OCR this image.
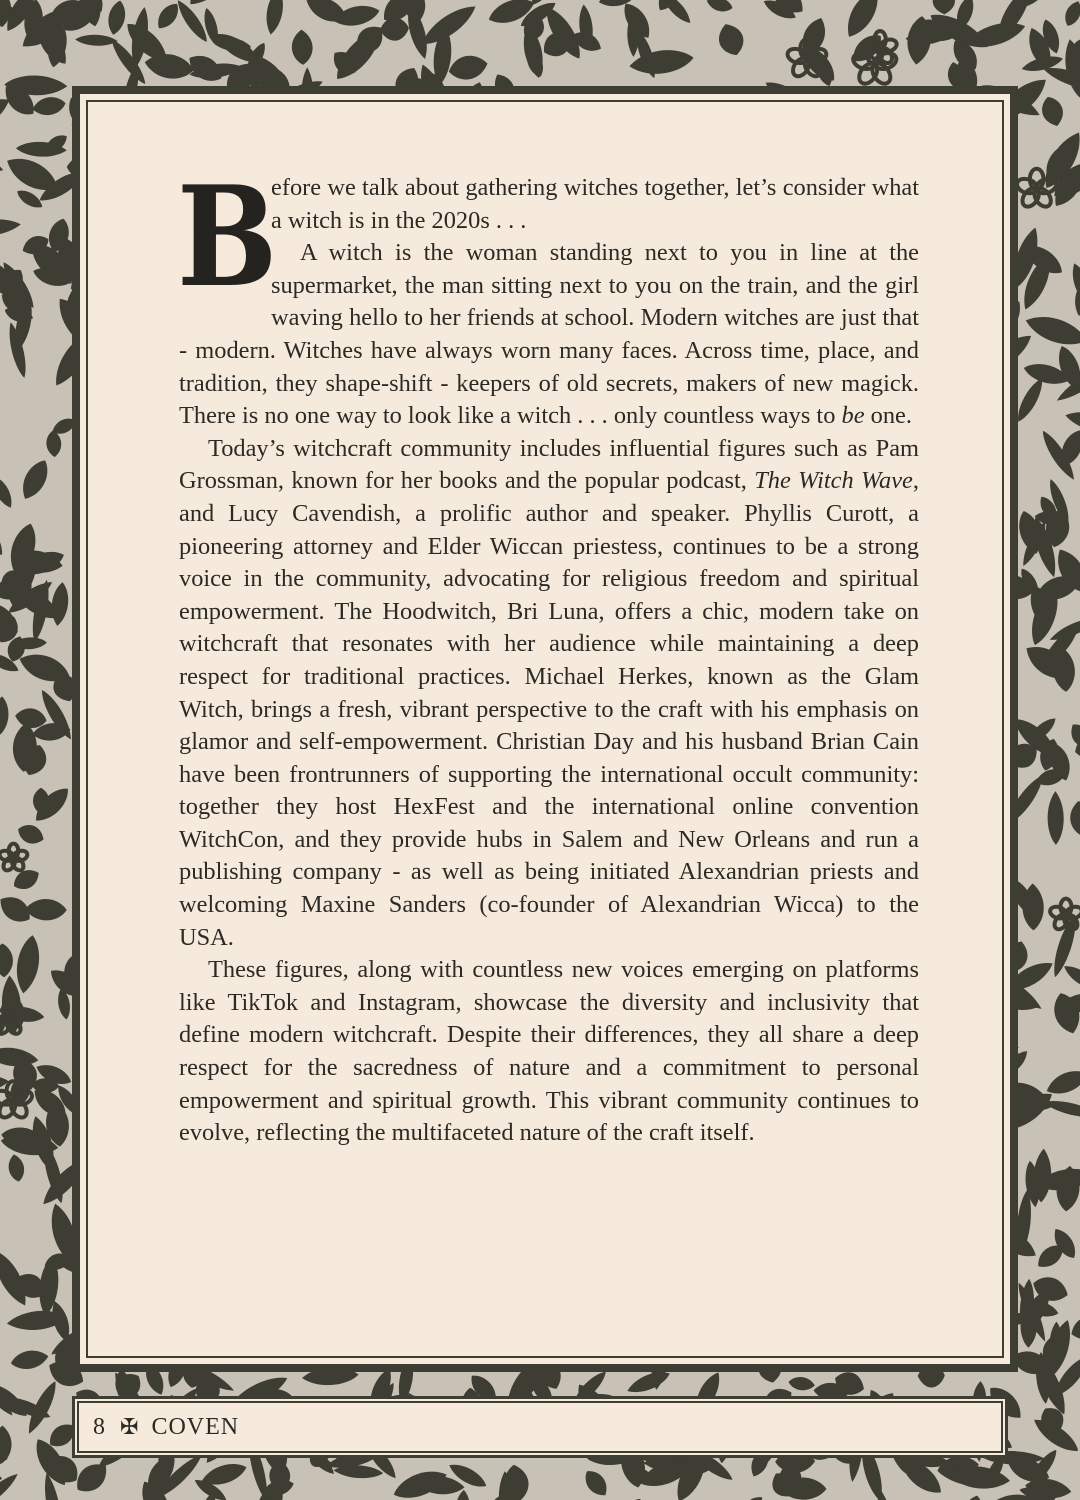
B
efore we talk about gathering witches together, let’s consider what a witch is in the 2020s . . .

A witch is the woman standing next to you in line at the supermarket, the man sitting next to you on the train, and the girl waving hello to her friends at school. Modern witches are just that - modern. Witches have always worn many faces. Across time, place, and tradition, they shape-shift - keepers of old secrets, makers of new magick. There is no one way to look like a witch . . . only countless ways to be one.

Today’s witchcraft community includes influential figures such as Pam Grossman, known for her books and the popular podcast, The Witch Wave, and Lucy Cavendish, a prolific author and speaker. Phyllis Curott, a pioneering attorney and Elder Wiccan priestess, continues to be a strong voice in the community, advocating for religious freedom and spiritual empowerment. The Hoodwitch, Bri Luna, offers a chic, modern take on witchcraft that resonates with her audience while maintaining a deep respect for traditional practices. Michael Herkes, known as the Glam Witch, brings a fresh, vibrant perspective to the craft with his emphasis on glamor and self-empowerment. Christian Day and his husband Brian Cain have been frontrunners of supporting the international occult community: together they host HexFest and the international online convention WitchCon, and they provide hubs in Salem and New Orleans and run a publishing company - as well as being initiated Alexandrian priests and welcoming Maxine Sanders (co-founder of Alexandrian Wicca) to the USA.

These figures, along with countless new voices emerging on platforms like TikTok and Instagram, showcase the diversity and inclusivity that define modern witchcraft. Despite their differences, they all share a deep respect for the sacredness of nature and a commitment to personal empowerment and spiritual growth. This vibrant community continues to evolve, reflecting the multifaceted nature of the craft itself.

8 ✠ COVEN
